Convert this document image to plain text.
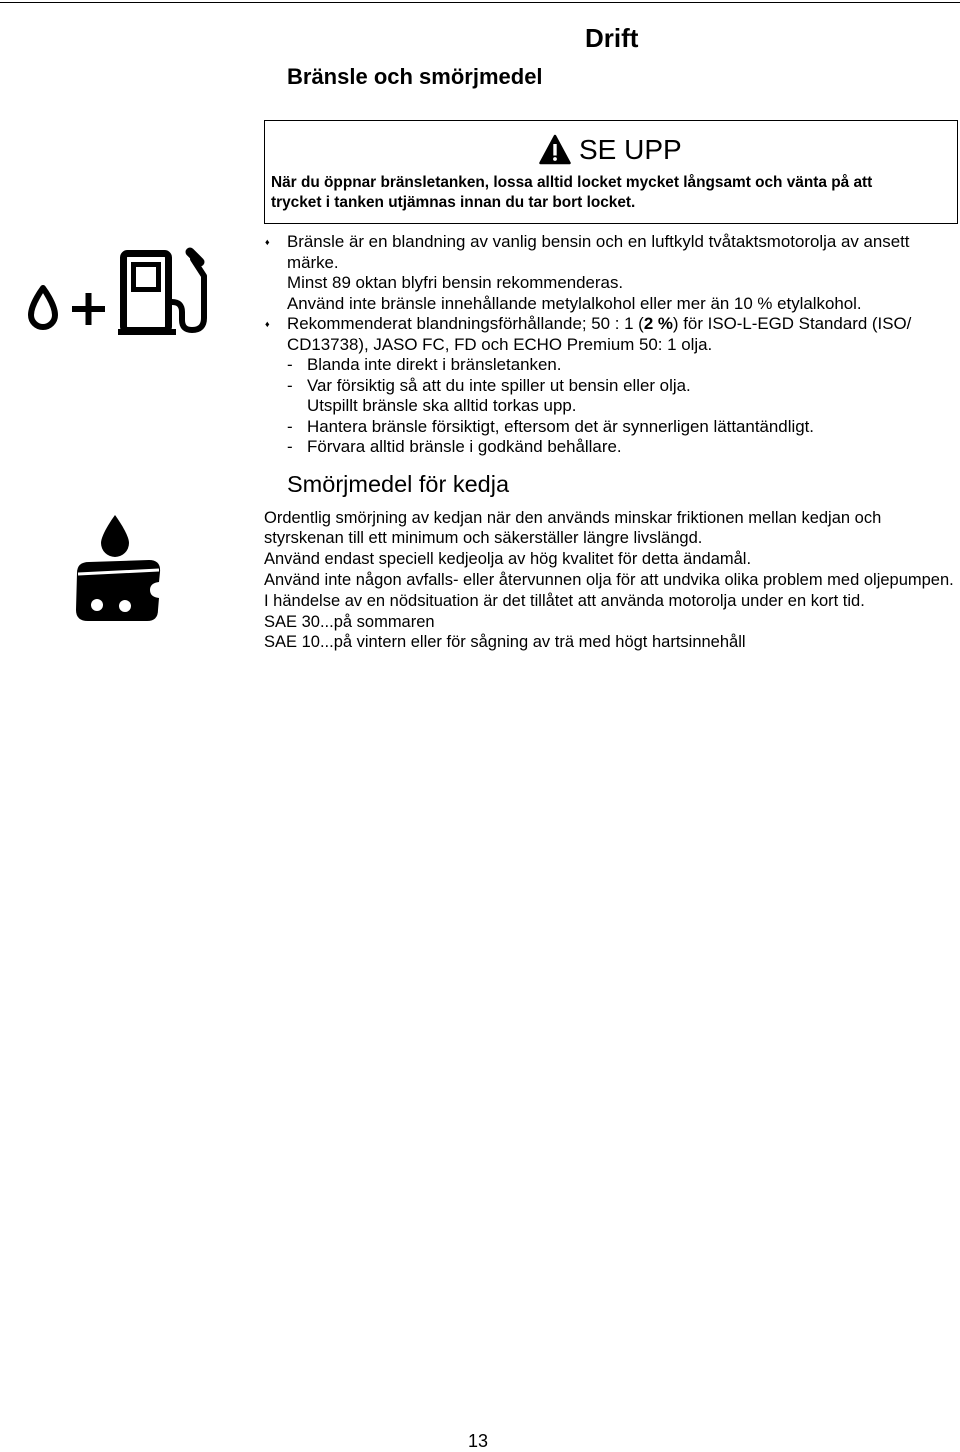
Drift
Bränsle och smörjmedel
SE UPP
När du öppnar bränsletanken, lossa alltid locket mycket långsamt och vänta på att
trycket i tanken utjämnas innan du tar bort locket.
♦ Bränsle är en blandning av vanlig bensin och en luftkyld tvåtaktsmotorolja av ansett
märke.
Minst 89 oktan blyfri bensin rekommenderas.
Använd inte bränsle innehållande metylalkohol eller mer än 10 % etylalkohol.
♦ Rekommenderat blandningsförhållande; 50 : 1 (2 %) för ISO-L-EGD Standard (ISO/
CD13738), JASO FC, FD och ECHO Premium 50: 1 olja.
- Blanda inte direkt i bränsletanken.
- Var försiktig så att du inte spiller ut bensin eller olja.
Utspillt bränsle ska alltid torkas upp.
- Hantera bränsle försiktigt, eftersom det är synnerligen lättantändligt.
- Förvara alltid bränsle i godkänd behållare.
Smörjmedel för kedja
Ordentlig smörjning av kedjan när den används minskar friktionen mellan kedjan och
styrskenan till ett minimum och säkerställer längre livslängd.
Använd endast speciell kedjeolja av hög kvalitet för detta ändamål.
Använd inte någon avfalls- eller återvunnen olja för att undvika olika problem med oljepumpen.
I händelse av en nödsituation är det tillåtet att använda motorolja under en kort tid.
SAE 30...på sommaren
SAE 10...på vintern eller för sågning av trä med högt hartsinnehåll
13
